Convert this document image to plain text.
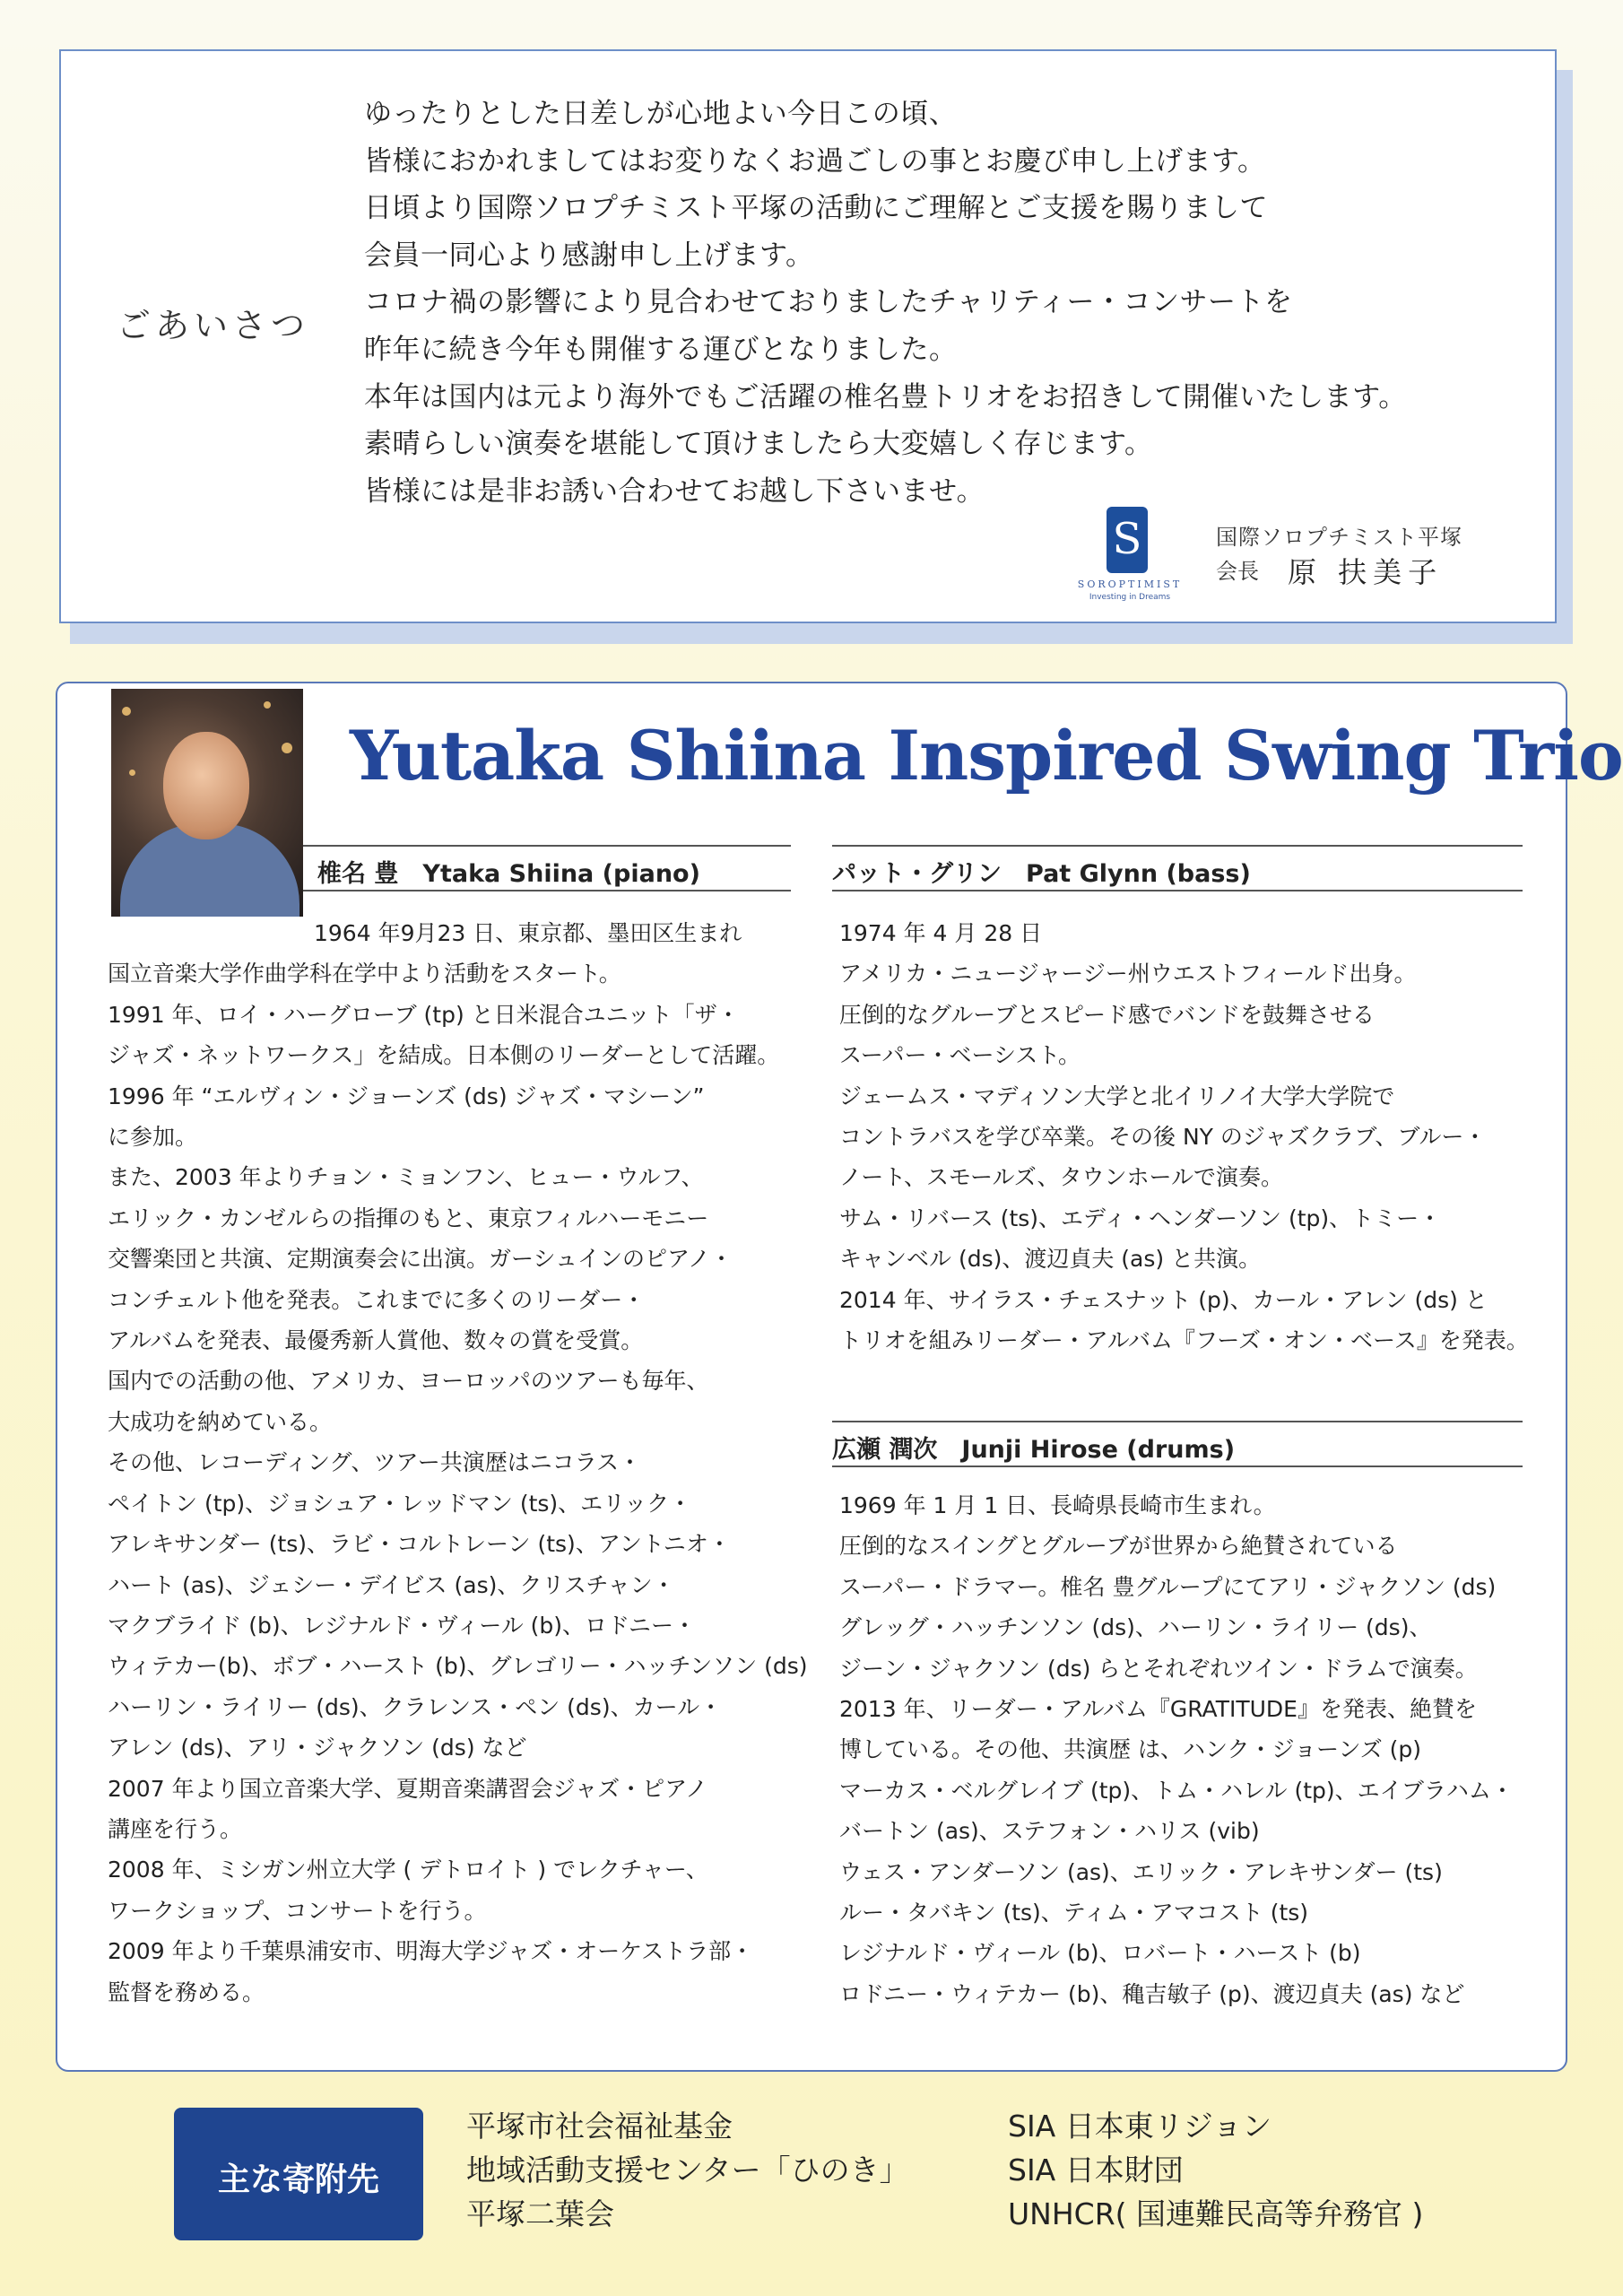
ごあいさつ
ゆったりとした日差しが心地よい今日この頃、
皆様におかれましてはお変りなくお過ごしの事とお慶び申し上げます。
日頃より国際ソロプチミスト平塚の活動にご理解とご支援を賜りまして
会員一同心より感謝申し上げます。
コロナ禍の影響により見合わせておりましたチャリティー・コンサートを
昨年に続き今年も開催する運びとなりました。
本年は国内は元より海外でもご活躍の椎名豊トリオをお招きして開催いたします。
素晴らしい演奏を堪能して頂けましたら大変嬉しく存じます。
皆様には是非お誘い合わせてお越し下さいませ。
S
SOROPTIMIST
Investing in Dreams
国際ソロプチミスト平塚
会長 原 扶美子
Yutaka Shiina Inspired Swing Trio
椎名 豊　Ytaka Shiina (piano)	パット・グリン　Pat Glynn (bass)
広瀬 潤次　Junji Hirose (drums)
1964 年9月23 日、東京都、墨田区生まれ
国立音楽大学作曲学科在学中より活動をスタート。
1991 年、ロイ・ハーグローブ (tp) と日米混合ユニット「ザ・
ジャズ・ネットワークス」を結成。日本側のリーダーとして活躍。
1996 年 “エルヴィン・ジョーンズ (ds) ジャズ・マシーン”
に参加。
また、2003 年よりチョン・ミョンフン、ヒュー・ウルフ、
エリック・カンゼルらの指揮のもと、東京フィルハーモニー
交響楽団と共演、定期演奏会に出演。ガーシュインのピアノ・
コンチェルト他を発表。これまでに多くのリーダー・
アルバムを発表、最優秀新人賞他、数々の賞を受賞。
国内での活動の他、アメリカ、ヨーロッパのツアーも毎年、
大成功を納めている。
その他、レコーディング、ツアー共演歴はニコラス・
ペイトン (tp)、ジョシュア・レッドマン (ts)、エリック・
アレキサンダー (ts)、ラビ・コルトレーン (ts)、アントニオ・
ハート (as)、ジェシー・デイビス (as)、クリスチャン・
マクブライド (b)、レジナルド・ヴィール (b)、ロドニー・
ウィテカー(b)、ボブ・ハースト (b)、グレゴリー・ハッチンソン (ds)
ハーリン・ライリー (ds)、クラレンス・ペン (ds)、カール・
アレン (ds)、アリ・ジャクソン (ds) など
2007 年より国立音楽大学、夏期音楽講習会ジャズ・ピアノ
講座を行う。
2008 年、ミシガン州立大学 ( デトロイト ) でレクチャー、
ワークショップ、コンサートを行う。
2009 年より千葉県浦安市、明海大学ジャズ・オーケストラ部・
監督を務める。
1974 年 4 月 28 日
アメリカ・ニュージャージー州ウエストフィールド出身。
圧倒的なグルーブとスピード感でバンドを鼓舞させる
スーパー・ベーシスト。
ジェームス・マディソン大学と北イリノイ大学大学院で
コントラバスを学び卒業。その後 NY のジャズクラブ、ブルー・
ノート、スモールズ、タウンホールで演奏。
サム・リバース (ts)、エディ・ヘンダーソン (tp)、トミー・
キャンベル (ds)、渡辺貞夫 (as) と共演。
2014 年、サイラス・チェスナット (p)、カール・アレン (ds) と
トリオを組みリーダー・アルバム『フーズ・オン・ベース』を発表。
1969 年 1 月 1 日、長崎県長崎市生まれ。
圧倒的なスイングとグルーブが世界から絶賛されている
スーパー・ドラマー。椎名 豊グループにてアリ・ジャクソン (ds)
グレッグ・ハッチンソン (ds)、ハーリン・ライリー (ds)、
ジーン・ジャクソン (ds) らとそれぞれツイン・ドラムで演奏。
2013 年、リーダー・アルバム『GRATITUDE』を発表、絶賛を
博している。その他、共演歴 は、ハンク・ジョーンズ (p)
マーカス・ベルグレイブ (tp)、トム・ハレル (tp)、エイブラハム・
バートン (as)、ステフォン・ハリス (vib)
ウェス・アンダーソン (as)、エリック・アレキサンダー (ts)
ルー・タバキン (ts)、ティム・アマコスト (ts)
レジナルド・ヴィール (b)、ロバート・ハースト (b)
ロドニー・ウィテカー (b)、穐吉敏子 (p)、渡辺貞夫 (as) など
主な寄附先
平塚市社会福祉基金
地域活動支援センター「ひのき」
平塚二葉会
SIA 日本東リジョン
SIA 日本財団
UNHCR( 国連難民高等弁務官 )
